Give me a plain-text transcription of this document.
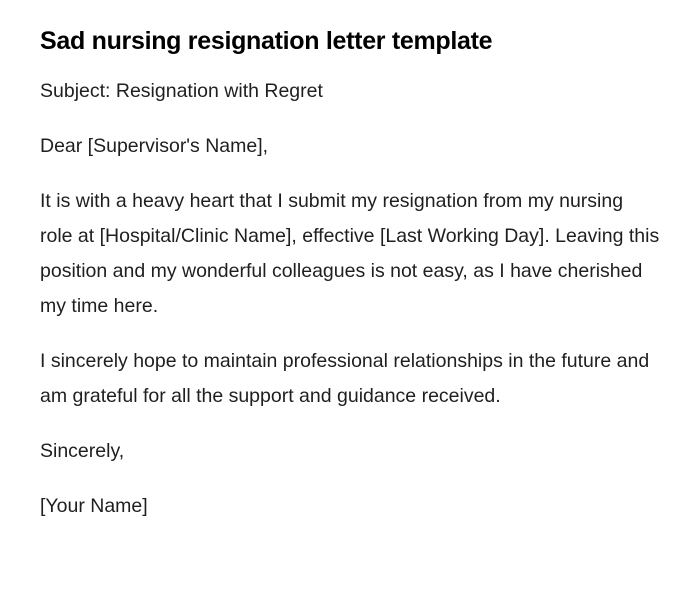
Sad nursing resignation letter template

Subject: Resignation with Regret

Dear [Supervisor's Name],

It is with a heavy heart that I submit my resignation from my nursing role at [Hospital/Clinic Name], effective [Last Working Day]. Leaving this position and my wonderful colleagues is not easy, as I have cherished my time here.

I sincerely hope to maintain professional relationships in the future and am grateful for all the support and guidance received.

Sincerely,

[Your Name]
